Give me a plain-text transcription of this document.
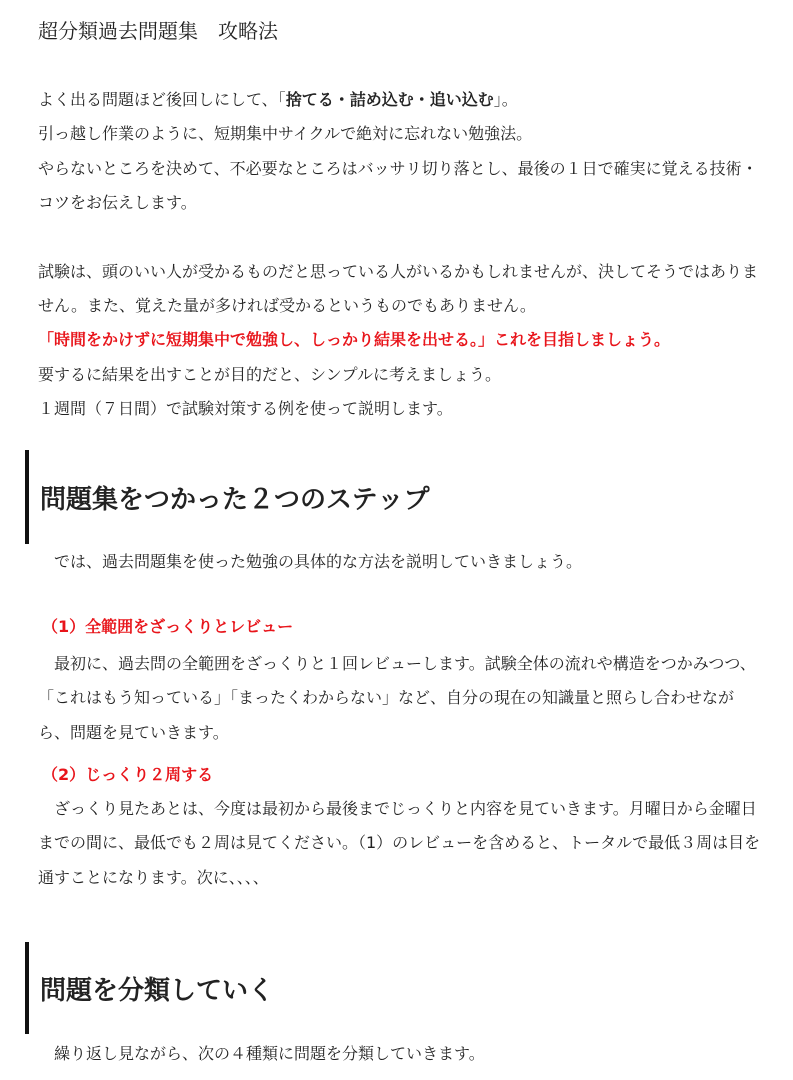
超分類過去問題集　攻略法

よく出る問題ほど後回しにして、「捨てる・詰め込む・追い込む」。

引っ越し作業のように、短期集中サイクルで絶対に忘れない勉強法。

やらないところを決めて、不必要なところはバッサリ切り落とし、最後の１日で確実に覚える技術・コツをお伝えします。

試験は、頭のいい人が受かるものだと思っている人がいるかもしれませんが、決してそうではありません。また、覚えた量が多ければ受かるというものでもありません。

「時間をかけずに短期集中で勉強し、しっかり結果を出せる。」これを目指しましょう。

要するに結果を出すことが目的だと、シンプルに考えましょう。

１週間（７日間）で試験対策する例を使って説明します。

問題集をつかった２つのステップ

では、過去問題集を使った勉強の具体的な方法を説明していきましょう。

（1）全範囲をざっくりとレビュー

最初に、過去問の全範囲をざっくりと１回レビューします。試験全体の流れや構造をつかみつつ、「これはもう知っている」「まったくわからない」など、自分の現在の知識量と照らし合わせながら、問題を見ていきます。

（2）じっくり２周する

ざっくり見たあとは、今度は最初から最後までじっくりと内容を見ていきます。月曜日から金曜日までの間に、最低でも２周は見てください。（1）のレビューを含めると、トータルで最低３周は目を通すことになります。次に、、、、

問題を分類していく

繰り返し見ながら、次の４種類に問題を分類していきます。
